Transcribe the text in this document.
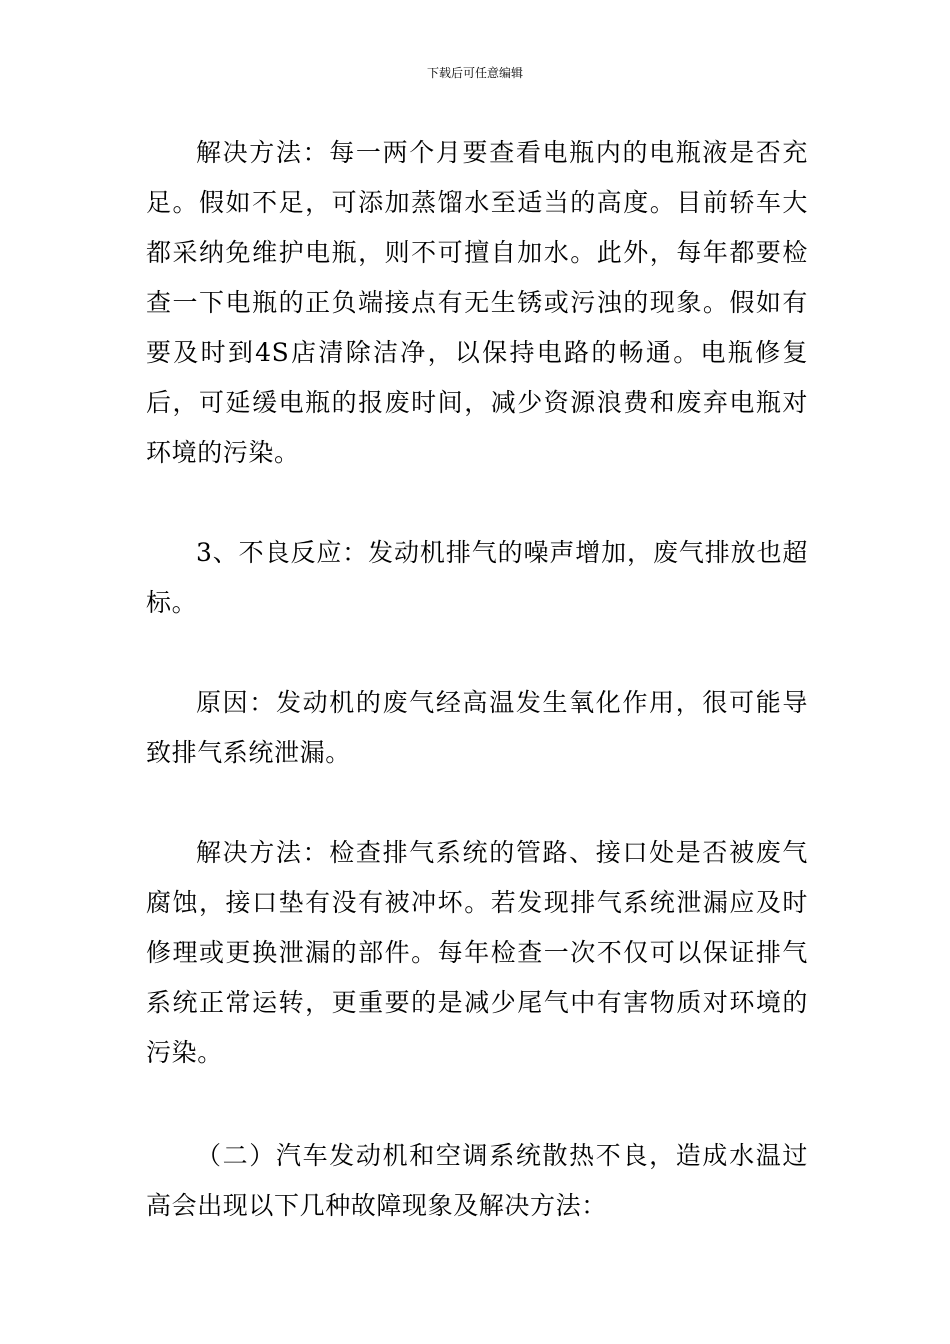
下载后可任意编辑

解决方法：每一两个月要查看电瓶内的电瓶液是否充足。假如不足，可添加蒸馏水至适当的高度。目前轿车大都采纳免维护电瓶，则不可擅自加水。此外，每年都要检查一下电瓶的正负端接点有无生锈或污浊的现象。假如有要及时到4S店清除洁净，以保持电路的畅通。电瓶修复后，可延缓电瓶的报废时间，减少资源浪费和废弃电瓶对环境的污染。

3、不良反应：发动机排气的噪声增加，废气排放也超标。

原因：发动机的废气经高温发生氧化作用，很可能导致排气系统泄漏。

解决方法：检查排气系统的管路、接口处是否被废气腐蚀，接口垫有没有被冲坏。若发现排气系统泄漏应及时修理或更换泄漏的部件。每年检查一次不仅可以保证排气系统正常运转，更重要的是减少尾气中有害物质对环境的污染。

（二）汽车发动机和空调系统散热不良，造成水温过高会出现以下几种故障现象及解决方法：
